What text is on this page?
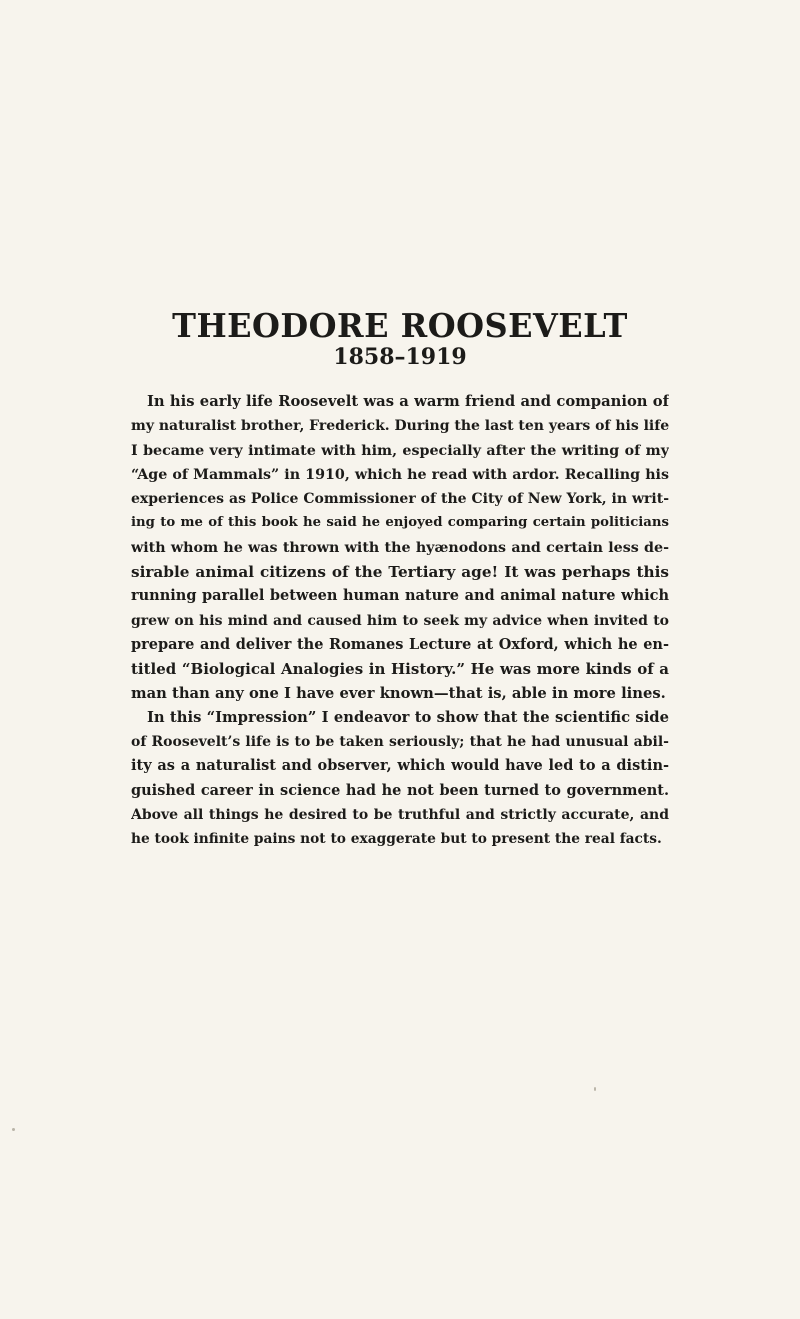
THEODORE ROOSEVELT
1858–1919
In his early life Roosevelt was a warm friend and companion of
my naturalist brother, Frederick. During the last ten years of his life
I became very intimate with him, especially after the writing of my
“Age of Mammals” in 1910, which he read with ardor. Recalling his
experiences as Police Commissioner of the City of New York, in writ-
ing to me of this book he said he enjoyed comparing certain politicians
with whom he was thrown with the hyænodons and certain less de-
sirable animal citizens of the Tertiary age! It was perhaps this
running parallel between human nature and animal nature which
grew on his mind and caused him to seek my advice when invited to
prepare and deliver the Romanes Lecture at Oxford, which he en-
titled “Biological Analogies in History.” He was more kinds of a
man than any one I have ever known—that is, able in more lines.
In this “Impression” I endeavor to show that the scientific side
of Roosevelt’s life is to be taken seriously; that he had unusual abil-
ity as a naturalist and observer, which would have led to a distin-
guished career in science had he not been turned to government.
Above all things he desired to be truthful and strictly accurate, and
he took infinite pains not to exaggerate but to present the real facts.
